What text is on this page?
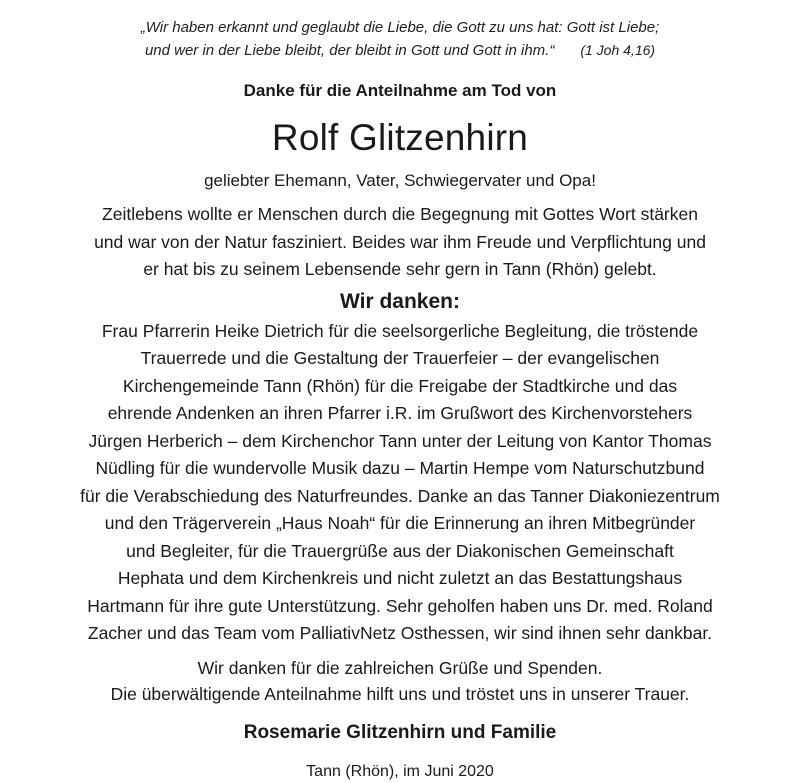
„Wir haben erkannt und geglaubt die Liebe, die Gott zu uns hat: Gott ist Liebe;
und wer in der Liebe bleibt, der bleibt in Gott und Gott in ihm.“ (1 Joh 4,16)
Danke für die Anteilnahme am Tod von
Rolf Glitzenhirn
geliebter Ehemann, Vater, Schwiegervater und Opa!
Zeitlebens wollte er Menschen durch die Begegnung mit Gottes Wort stärken
und war von der Natur fasziniert. Beides war ihm Freude und Verpflichtung und
er hat bis zu seinem Lebensende sehr gern in Tann (Rhön) gelebt.
Wir danken:
Frau Pfarrerin Heike Dietrich für die seelsorgerliche Begleitung, die tröstende
Trauerrede und die Gestaltung der Trauerfeier – der evangelischen
Kirchengemeinde Tann (Rhön) für die Freigabe der Stadtkirche und das
ehrende Andenken an ihren Pfarrer i.R. im Grußwort des Kirchenvorstehers
Jürgen Herberich – dem Kirchenchor Tann unter der Leitung von Kantor Thomas
Nüdling für die wundervolle Musik dazu – Martin Hempe vom Naturschutzbund
für die Verabschiedung des Naturfreundes. Danke an das Tanner Diakoniezentrum
und den Trägerverein „Haus Noah“ für die Erinnerung an ihren Mitbegründer
und Begleiter, für die Trauergrüße aus der Diakonischen Gemeinschaft
Hephata und dem Kirchenkreis und nicht zuletzt an das Bestattungshaus
Hartmann für ihre gute Unterstützung. Sehr geholfen haben uns Dr. med. Roland
Zacher und das Team vom PalliativNetz Osthessen, wir sind ihnen sehr dankbar.
Wir danken für die zahlreichen Grüße und Spenden.
Die überwältigende Anteilnahme hilft uns und tröstet uns in unserer Trauer.
Rosemarie Glitzenhirn und Familie
Tann (Rhön), im Juni 2020
